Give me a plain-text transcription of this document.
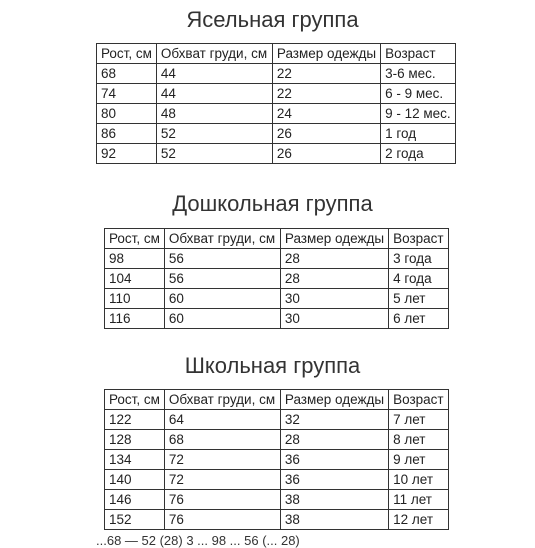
Ясельная группа
Рост, см	Обхват груди, см	Размер одежды	Возраст
68	44	22	3-6 мес.
74	44	22	6 - 9 мес.
80	48	24	9 - 12 мес.
86	52	26	1 год
92	52	26	2 года
Дошкольная группа
Рост, см	Обхват груди, см	Размер одежды	Возраст
98	56	28	3 года
104	56	28	4 года
110	60	30	5 лет
116	60	30	6 лет
Школьная группа
Рост, см	Обхват груди, см	Размер одежды	Возраст
122	64	32	7 лет
128	68	28	8 лет
134	72	36	9 лет
140	72	36	10 лет
146	76	38	11 лет
152	76	38	12 лет
...68 — 52 (28) 3 ... 98 ... 56 (... 28)
